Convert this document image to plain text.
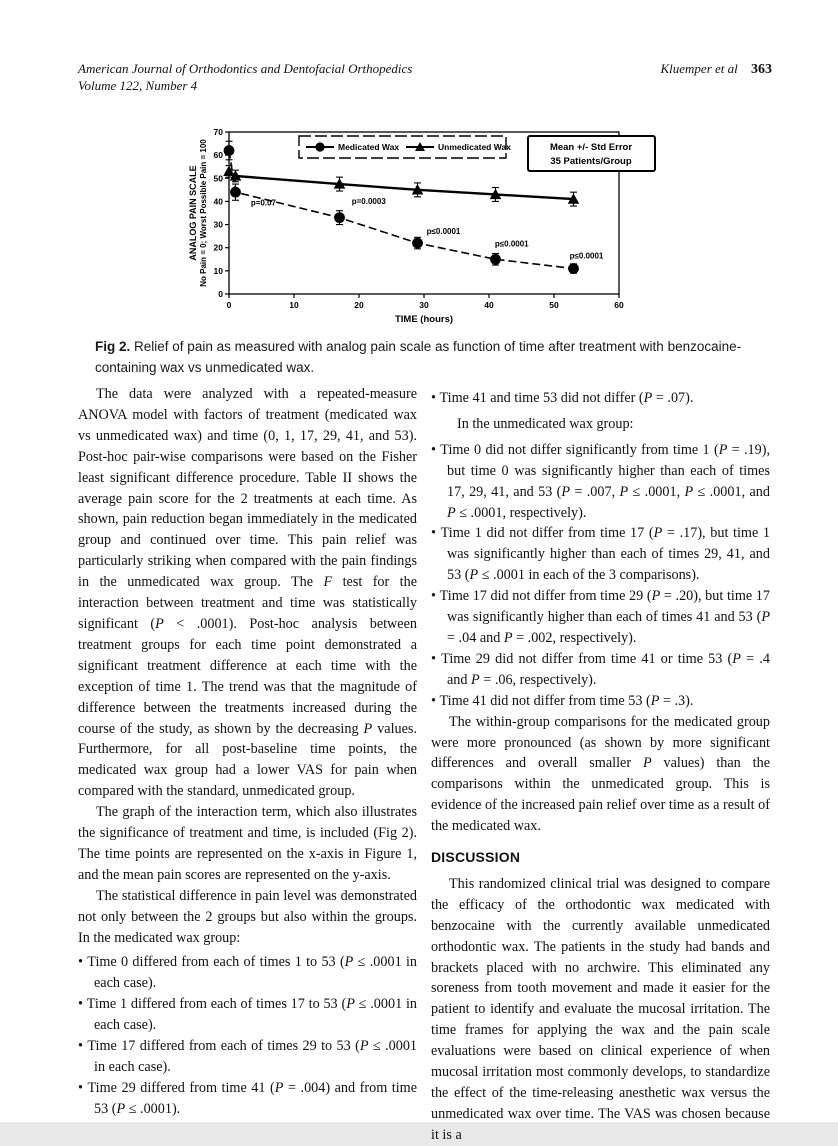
American Journal of Orthodontics and Dentofacial Orthopedics
Volume 122, Number 4
Kluemper et al 363
0
10
20
30
40
50
60
70
0	10	20	30	40	50	60
TIME (hours)
ANALOG PAIN SCALE No Pain = 0; Worst Possible Pain = 100	p=0.07	p=0.0003
p≤0.0001
p≤0.0001
p≤0.0001
Medicated Wax	Unmedicated Wax	Mean +/- Std Error
35 Patients/Group
Fig 2. Relief of pain as measured with analog pain scale as function of time after treatment with benzocaine-containing wax vs unmedicated wax.

The data were analyzed with a repeated-measure ANOVA model with factors of treatment (medicated wax vs unmedicated wax) and time (0, 1, 17, 29, 41, and 53). Post-hoc pair-wise comparisons were based on the Fisher least significant difference procedure. Table II shows the average pain score for the 2 treatments at each time. As shown, pain reduction began immediately in the medicated group and continued over time. This pain relief was particularly striking when compared with the pain findings in the unmedicated wax group. The F test for the interaction between treatment and time was statistically significant (P < .0001). Post-hoc analysis between treatment groups for each time point demonstrated a significant treatment difference at each time with the exception of time 1. The trend was that the magnitude of difference between the treatments increased during the course of the study, as shown by the decreasing P values. Furthermore, for all post-baseline time points, the medicated wax group had a lower VAS for pain when compared with the standard, unmedicated group.

The graph of the interaction term, which also illustrates the significance of treatment and time, is included (Fig 2). The time points are represented on the x-axis in Figure 1, and the mean pain scores are represented on the y-axis.

The statistical difference in pain level was demonstrated not only between the 2 groups but also within the groups. In the medicated wax group:

• Time 0 differed from each of times 1 to 53 (P ≤ .0001 in each case).
• Time 1 differed from each of times 17 to 53 (P ≤ .0001 in each case).
• Time 17 differed from each of times 29 to 53 (P ≤ .0001 in each case).
• Time 29 differed from time 41 (P = .004) and from time 53 (P ≤ .0001).
• Time 41 and time 53 did not differ (P = .07).

In the unmedicated wax group:

• Time 0 did not differ significantly from time 1 (P = .19), but time 0 was significantly higher than each of times 17, 29, 41, and 53 (P = .007, P ≤ .0001, P ≤ .0001, and P ≤ .0001, respectively).
• Time 1 did not differ from time 17 (P = .17), but time 1 was significantly higher than each of times 29, 41, and 53 (P ≤ .0001 in each of the 3 comparisons).
• Time 17 did not differ from time 29 (P = .20), but time 17 was significantly higher than each of times 41 and 53 (P = .04 and P = .002, respectively).
• Time 29 did not differ from time 41 or time 53 (P = .4 and P = .06, respectively).
• Time 41 did not differ from time 53 (P = .3).

The within-group comparisons for the medicated group were more pronounced (as shown by more significant differences and overall smaller P values) than the comparisons within the unmedicated group. This is evidence of the increased pain relief over time as a result of the medicated wax.

DISCUSSION

This randomized clinical trial was designed to compare the efficacy of the orthodontic wax medicated with benzocaine with the currently available unmedicated orthodontic wax. The patients in the study had bands and brackets placed with no archwire. This eliminated any soreness from tooth movement and made it easier for the patient to identify and evaluate the mucosal irritation. The time frames for applying the wax and the pain scale evaluations were based on clinical experience of when mucosal irritation most commonly develops, to standardize the effect of the time-releasing anesthetic wax versus the unmedicated wax over time. The VAS was chosen because it is a
